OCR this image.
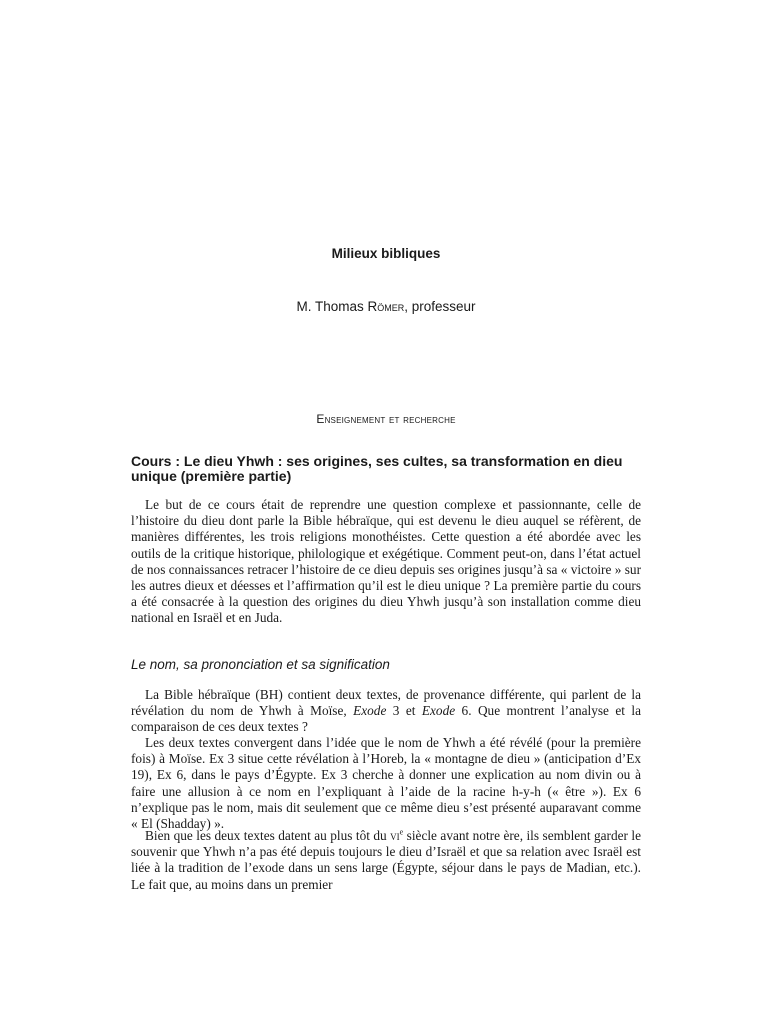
Milieux bibliques
M. Thomas Römer, professeur
Enseignement et recherche
Cours : Le dieu Yhwh : ses origines, ses cultes, sa transformation en dieu unique (première partie)

Le but de ce cours était de reprendre une question complexe et passionnante, celle de l’histoire du dieu dont parle la Bible hébraïque, qui est devenu le dieu auquel se réfèrent, de manières différentes, les trois religions monothéistes. Cette question a été abordée avec les outils de la critique historique, philologique et exégétique. Comment peut-on, dans l’état actuel de nos connaissances retracer l’histoire de ce dieu depuis ses origines jusqu’à sa « victoire » sur les autres dieux et déesses et l’affirmation qu’il est le dieu unique ? La première partie du cours a été consacrée à la question des origines du dieu Yhwh jusqu’à son installation comme dieu national en Israël et en Juda.

Le nom, sa prononciation et sa signification

La Bible hébraïque (BH) contient deux textes, de provenance différente, qui parlent de la révélation du nom de Yhwh à Moïse, Exode 3 et Exode 6. Que montrent l’analyse et la comparaison de ces deux textes ?

Les deux textes convergent dans l’idée que le nom de Yhwh a été révélé (pour la première fois) à Moïse. Ex 3 situe cette révélation à l’Horeb, la « montagne de dieu » (anticipation d’Ex 19), Ex 6, dans le pays d’Égypte. Ex 3 cherche à donner une explication au nom divin ou à faire une allusion à ce nom en l’expliquant à l’aide de la racine h-y-h (« être »). Ex 6 n’explique pas le nom, mais dit seulement que ce même dieu s’est présenté auparavant comme « El (Shadday) ».

Bien que les deux textes datent au plus tôt du $vi^e$ siècle avant notre ère, ils semblent garder le souvenir que Yhwh n’a pas été depuis toujours le dieu d’Israël et que sa relation avec Israël est liée à la tradition de l’exode dans un sens large (Égypte, séjour dans le pays de Madian, etc.). Le fait que, au moins dans un premier
